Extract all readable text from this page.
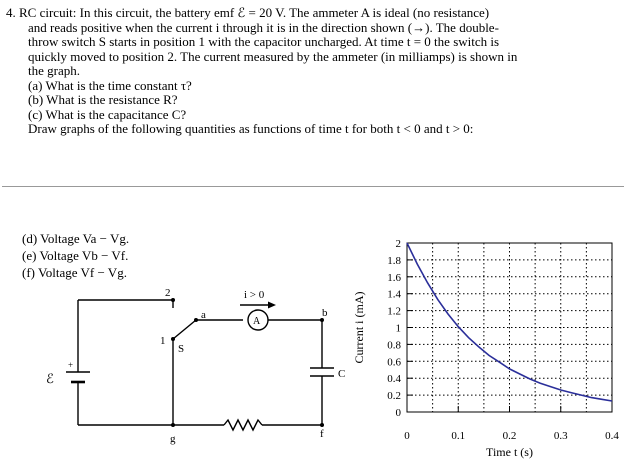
4. RC circuit: In this circuit, the battery emf ℰ = 20 V. The ammeter A is ideal (no resistance)

and reads positive when the current i through it is in the direction shown (→). The double-

throw switch S starts in position 1 with the capacitor uncharged. At time t = 0 the switch is

quickly moved to position 2. The current measured by the ammeter (in milliamps) is shown in

the graph.

(a) What is the time constant τ?

(b) What is the resistance R?

(c) What is the capacitance C?

Draw graphs of the following quantities as functions of time t for both t < 0 and t > 0:

(d) Voltage Va − Vg.
(e) Voltage Vb − Vf.
(f) Voltage Vf − Vg.
2
1
a
S
i > 0
A
b
ℰ
+
C
g	f
0
0.2
0.4
0.6
0.8
1
1.2
1.4
1.6
1.8
2
0	0.1	0.2	0.3	0.4
Time t (s)
Current i (mA)
